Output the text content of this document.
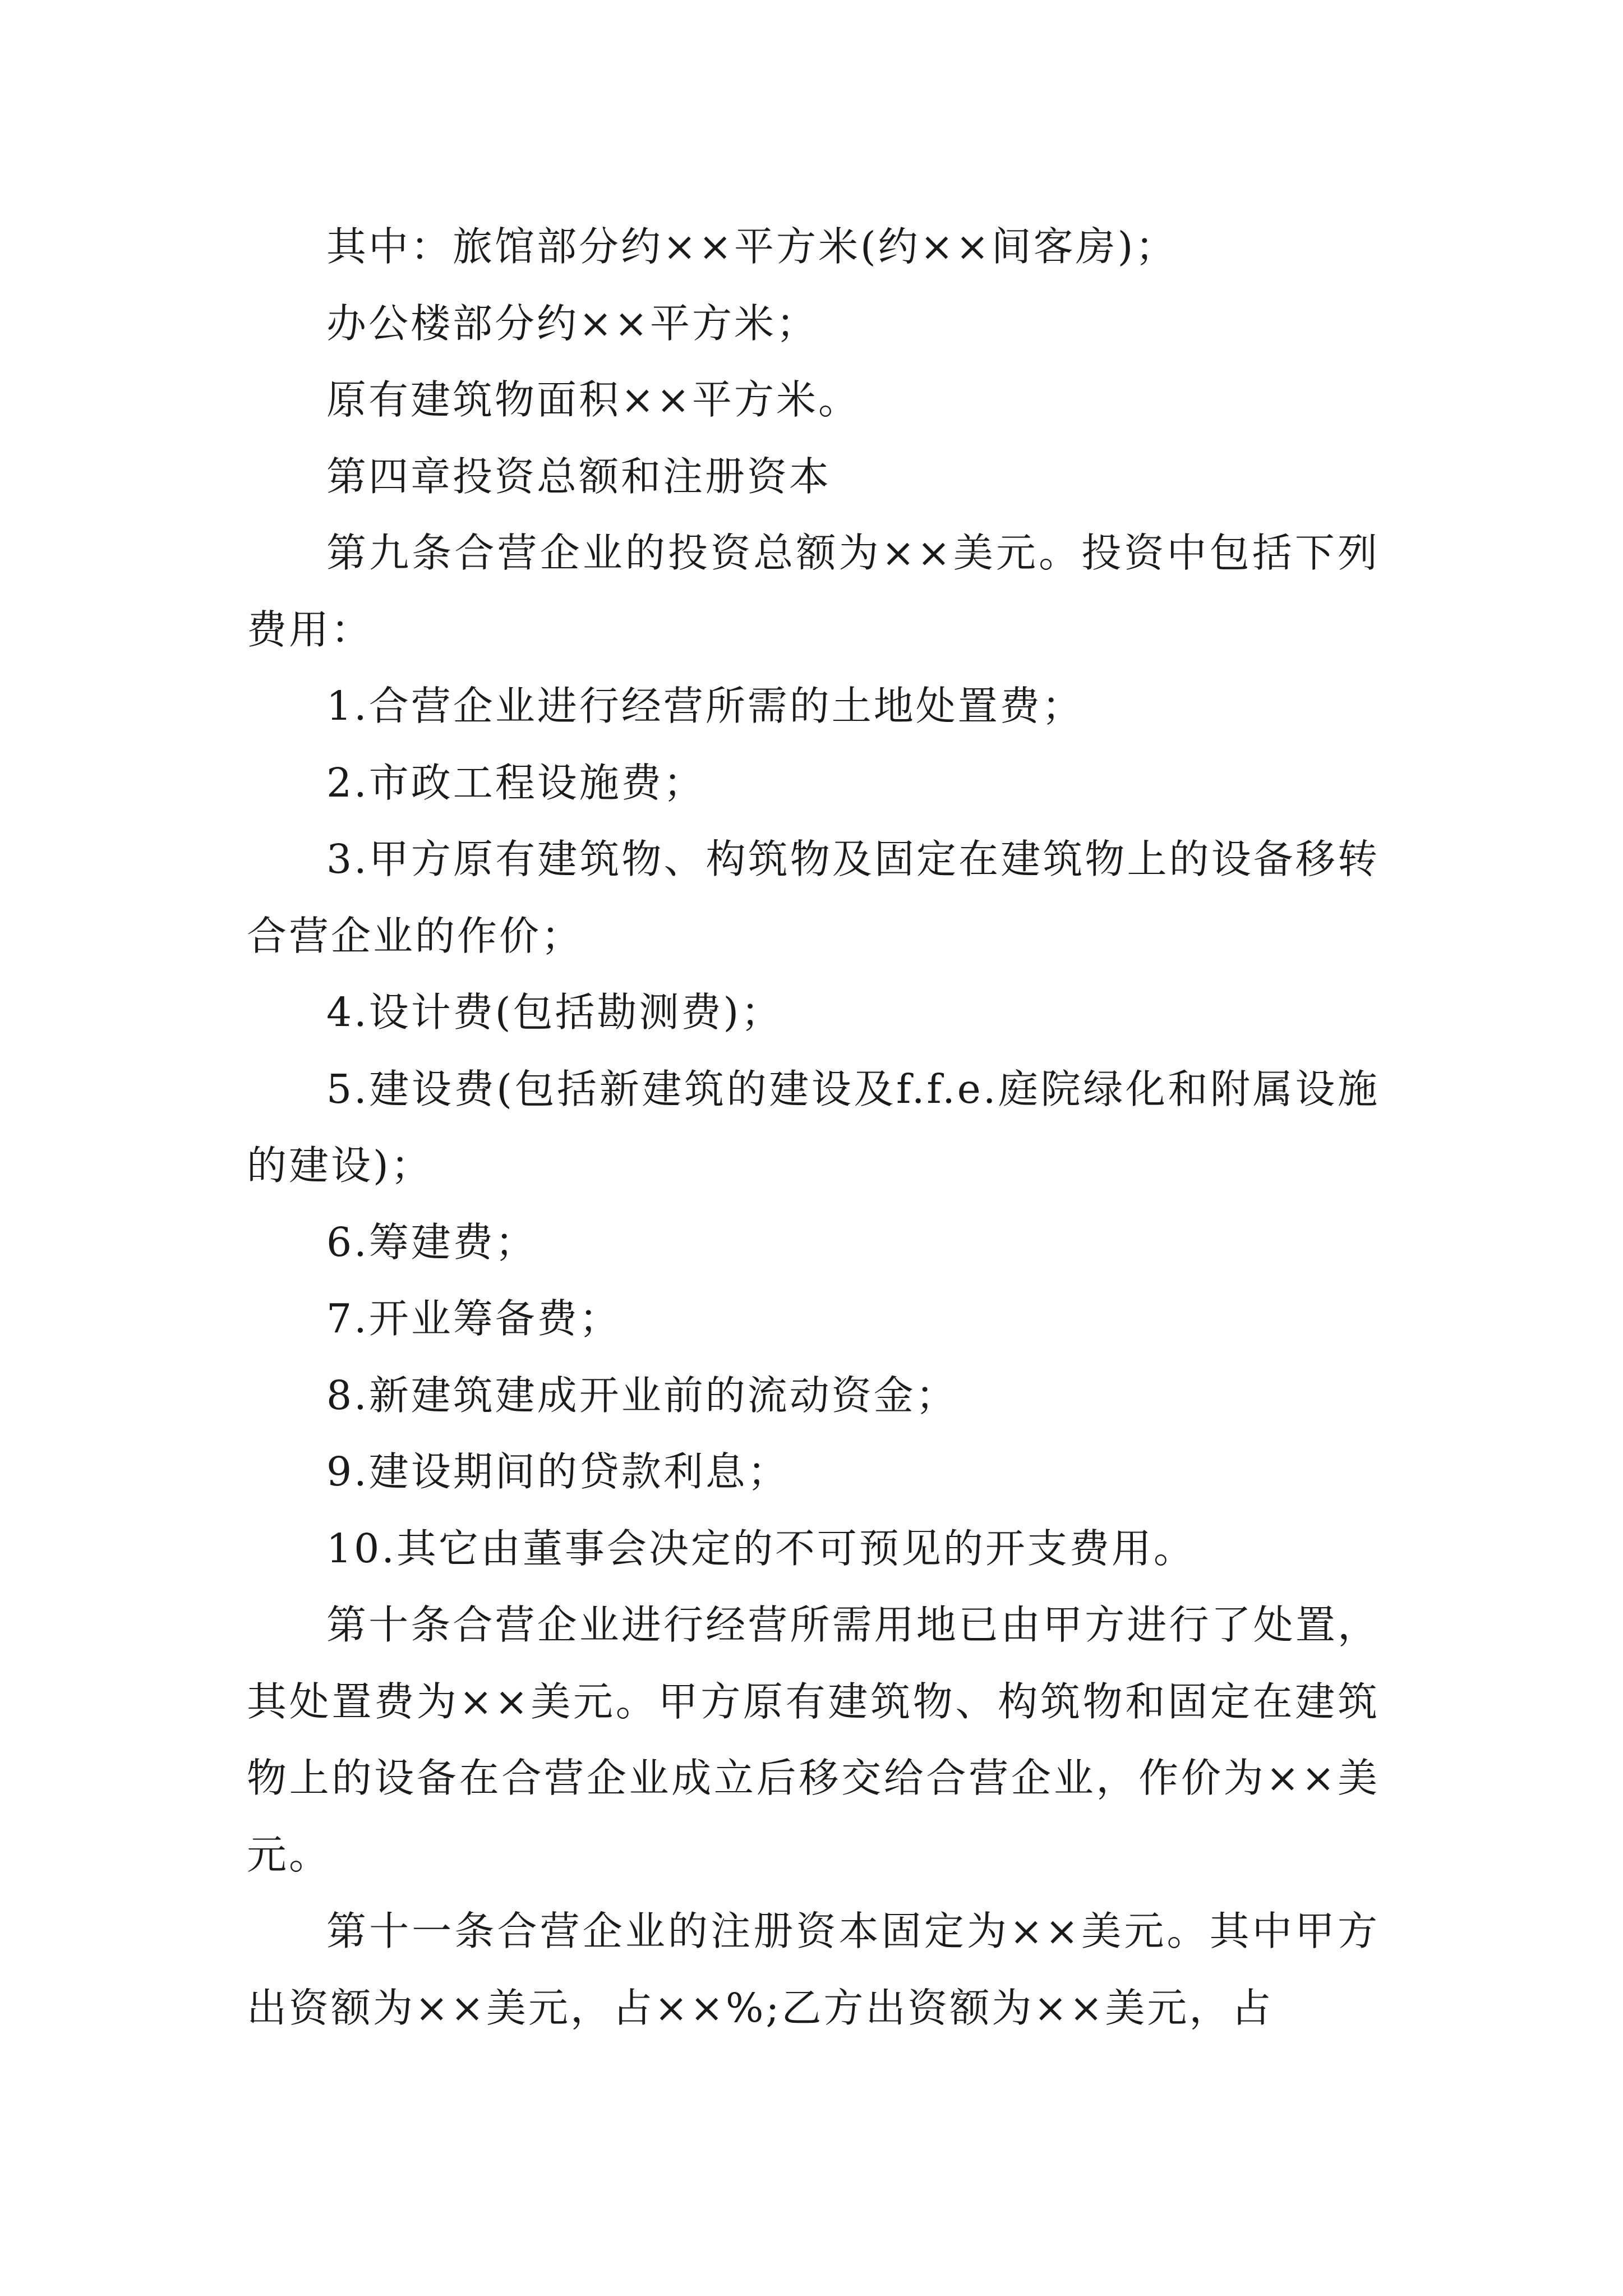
其中：旅馆部分约××平方米(约××间客房)；

办公楼部分约××平方米；

原有建筑物面积××平方米。

第四章投资总额和注册资本

第九条合营企业的投资总额为××美元。投资中包括下列费用：

1.合营企业进行经营所需的土地处置费；

2.市政工程设施费；

3.甲方原有建筑物、构筑物及固定在建筑物上的设备移转合营企业的作价；

4.设计费(包括勘测费)；

5.建设费(包括新建筑的建设及f.f.e.庭院绿化和附属设施的建设)；

6.筹建费；

7.开业筹备费；

8.新建筑建成开业前的流动资金；

9.建设期间的贷款利息；

10.其它由董事会决定的不可预见的开支费用。

第十条合营企业进行经营所需用地已由甲方进行了处置，其处置费为××美元。甲方原有建筑物、构筑物和固定在建筑物上的设备在合营企业成立后移交给合营企业，作价为××美元。

第十一条合营企业的注册资本固定为××美元。其中甲方出资额为××美元，占××%;乙方出资额为××美元，占
